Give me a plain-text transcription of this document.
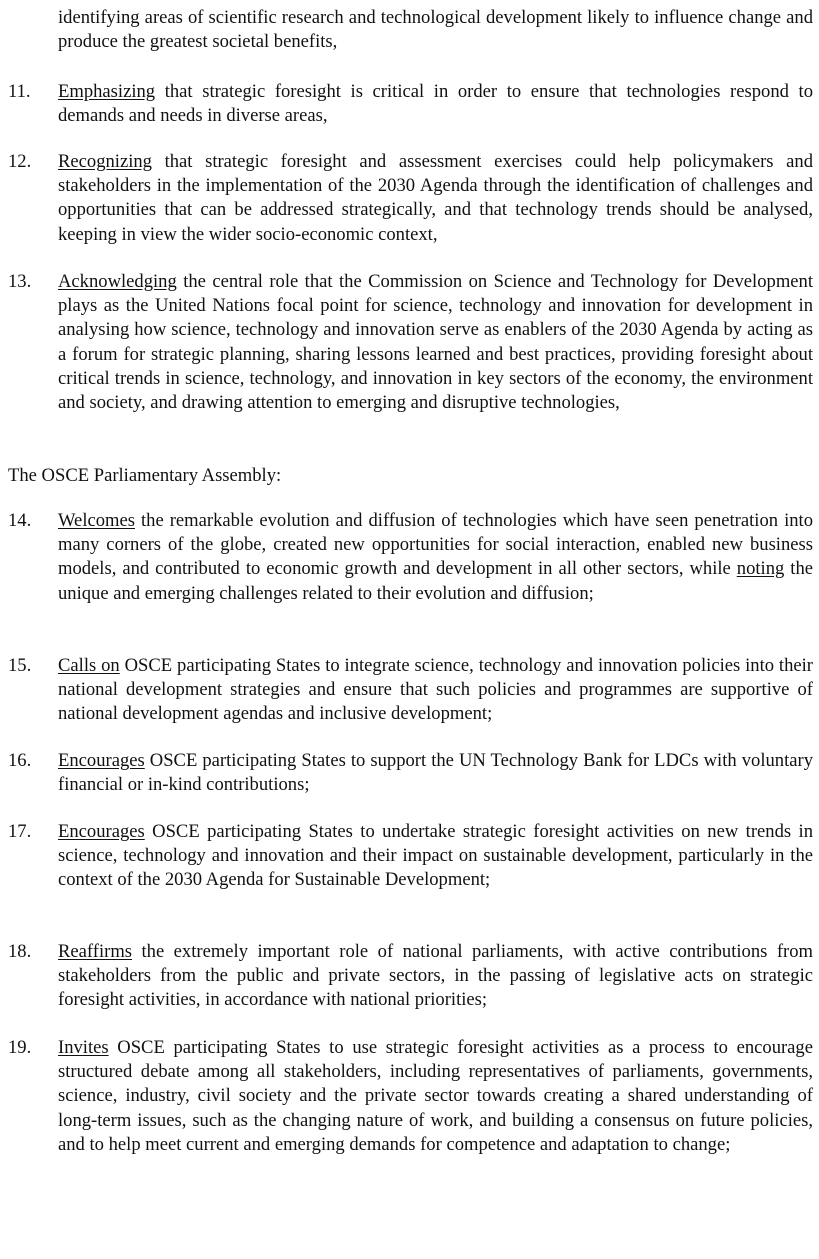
identifying areas of scientific research and technological development likely to influence change and produce the greatest societal benefits,

11.	Emphasizing that strategic foresight is critical in order to ensure that technologies respond to demands and needs in diverse areas,

12.	Recognizing that strategic foresight and assessment exercises could help policymakers and stakeholders in the implementation of the 2030 Agenda through the identification of challenges and opportunities that can be addressed strategically, and that technology trends should be analysed, keeping in view the wider socio-economic context,

13.	Acknowledging the central role that the Commission on Science and Technology for Development plays as the United Nations focal point for science, technology and innovation for development in analysing how science, technology and innovation serve as enablers of the 2030 Agenda by acting as a forum for strategic planning, sharing lessons learned and best practices, providing foresight about critical trends in science, technology, and innovation in key sectors of the economy, the environment and society, and drawing attention to emerging and disruptive technologies,

The OSCE Parliamentary Assembly:

14.	Welcomes the remarkable evolution and diffusion of technologies which have seen penetration into many corners of the globe, created new opportunities for social interaction, enabled new business models, and contributed to economic growth and development in all other sectors, while noting the unique and emerging challenges related to their evolution and diffusion;

15.	Calls on OSCE participating States to integrate science, technology and innovation policies into their national development strategies and ensure that such policies and programmes are supportive of national development agendas and inclusive development;

16.	Encourages OSCE participating States to support the UN Technology Bank for LDCs with voluntary financial or in-kind contributions;

17.	Encourages OSCE participating States to undertake strategic foresight activities on new trends in science, technology and innovation and their impact on sustainable development, particularly in the context of the 2030 Agenda for Sustainable Development;

18.	Reaffirms the extremely important role of national parliaments, with active contributions from stakeholders from the public and private sectors, in the passing of legislative acts on strategic foresight activities, in accordance with national priorities;

19.	Invites OSCE participating States to use strategic foresight activities as a process to encourage structured debate among all stakeholders, including representatives of parliaments, governments, science, industry, civil society and the private sector towards creating a shared understanding of long-term issues, such as the changing nature of work, and building a consensus on future policies, and to help meet current and emerging demands for competence and adaptation to change;
